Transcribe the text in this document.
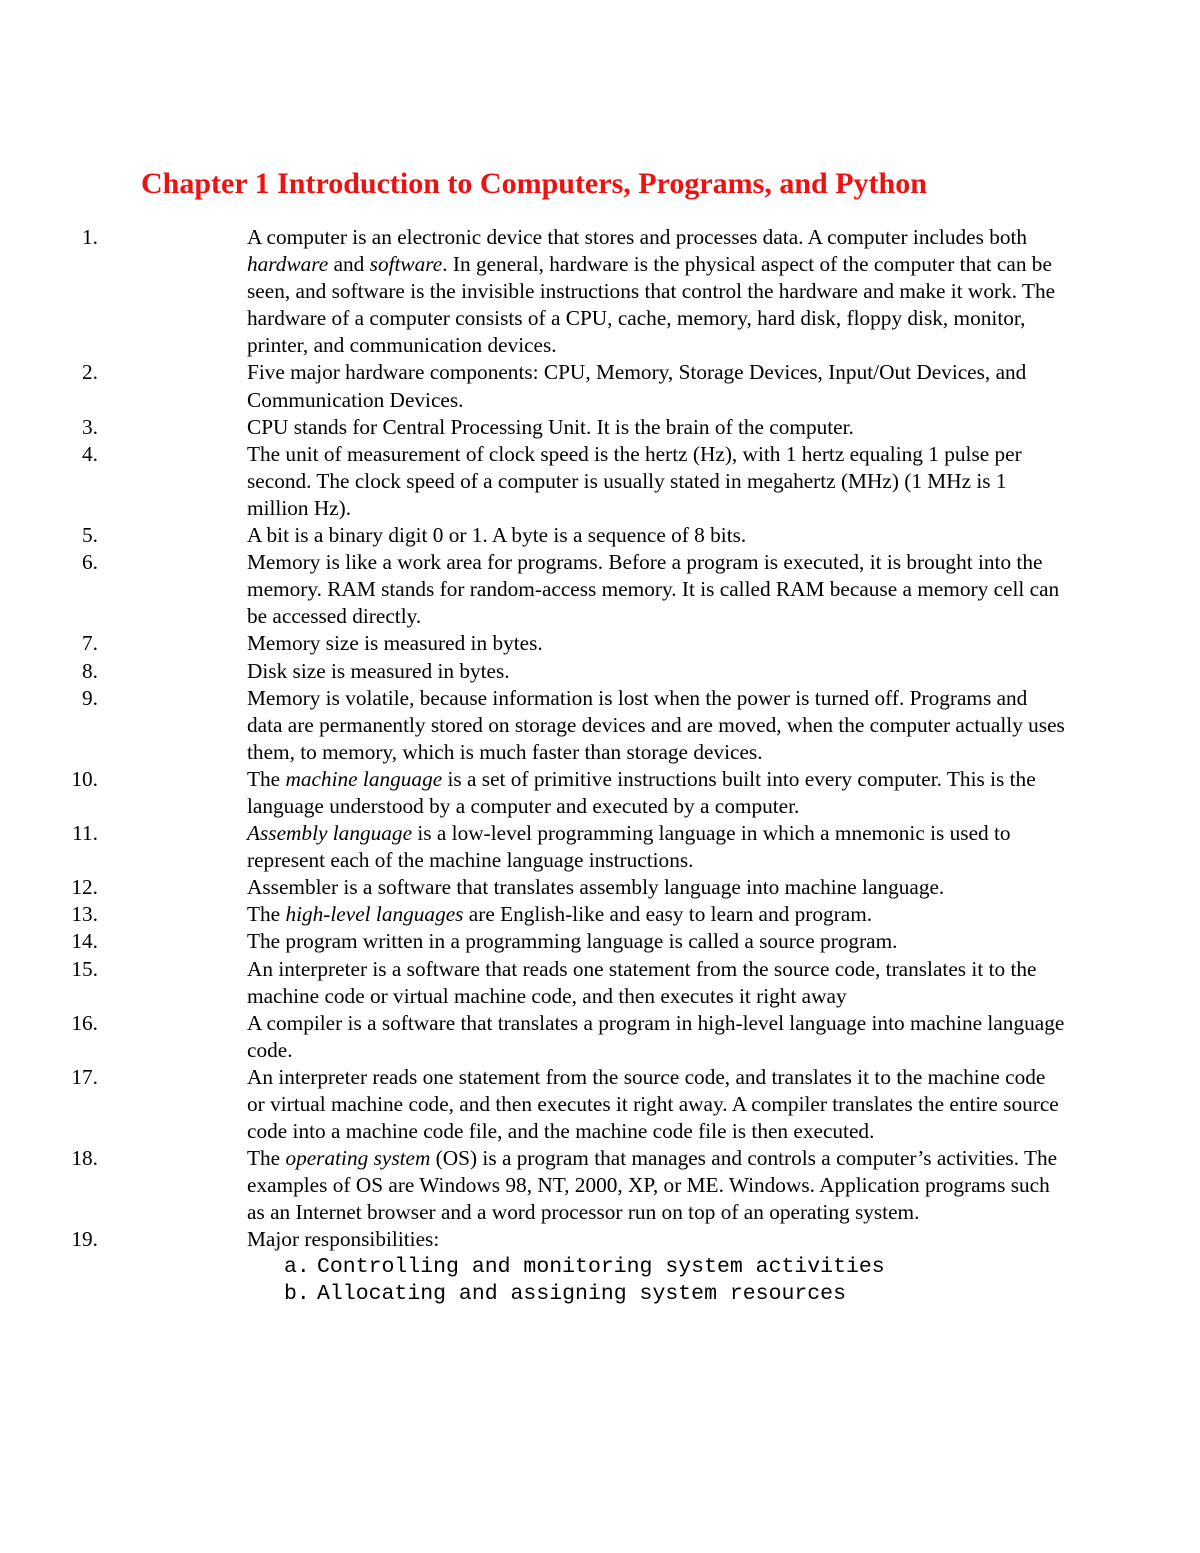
Chapter 1 Introduction to Computers, Programs, and Python
1.	A computer is an electronic device that stores and processes data. A computer includes both hardware and software. In general, hardware is the physical aspect of the computer that can be seen, and software is the invisible instructions that control the hardware and make it work. The hardware of a computer consists of a CPU, cache, memory, hard disk, floppy disk, monitor, printer, and communication devices.
2.	Five major hardware components: CPU, Memory, Storage Devices, Input/Out Devices, and Communication Devices.
3.	CPU stands for Central Processing Unit. It is the brain of the computer.
4.	The unit of measurement of clock speed is the hertz (Hz), with 1 hertz equaling 1 pulse per second. The clock speed of a computer is usually stated in megahertz (MHz) (1 MHz is 1 million Hz).
5.	A bit is a binary digit 0 or 1. A byte is a sequence of 8 bits.
6.	Memory is like a work area for programs. Before a program is executed, it is brought into the memory. RAM stands for random-access memory. It is called RAM because a memory cell can be accessed directly.
7.	Memory size is measured in bytes.
8.	Disk size is measured in bytes.
9.	Memory is volatile, because information is lost when the power is turned off. Programs and data are permanently stored on storage devices and are moved, when the computer actually uses them, to memory, which is much faster than storage devices.
10.	The machine language is a set of primitive instructions built into every computer. This is the language understood by a computer and executed by a computer.
11.	Assembly language is a low-level programming language in which a mnemonic is used to represent each of the machine language instructions.
12.	Assembler is a software that translates assembly language into machine language.
13.	The high-level languages are English-like and easy to learn and program.
14.	The program written in a programming language is called a source program.
15.	An interpreter is a software that reads one statement from the source code, translates it to the machine code or virtual machine code, and then executes it right away
16.	A compiler is a software that translates a program in high-level language into machine language code.
17.	An interpreter reads one statement from the source code, and translates it to the machine code or virtual machine code, and then executes it right away. A compiler translates the entire source code into a machine code file, and the machine code file is then executed.
18.	The operating system (OS) is a program that manages and controls a computer’s activities. The examples of OS are Windows 98, NT, 2000, XP, or ME. Windows. Application programs such as an Internet browser and a word processor run on top of an operating system.
19.	Major responsibilities:
a. Controlling and monitoring system activities
b. Allocating and assigning system resources
